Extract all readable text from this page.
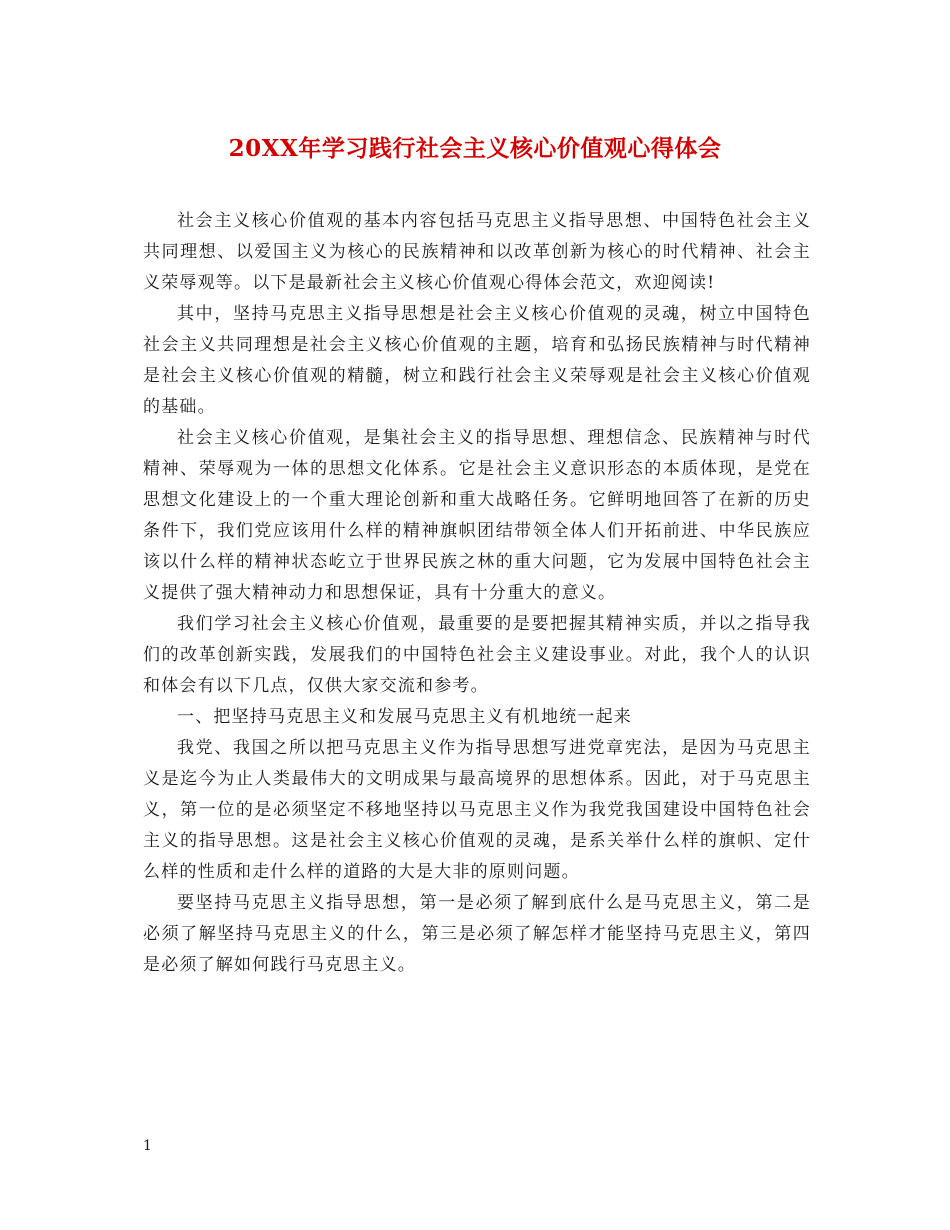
20XX年学习践行社会主义核心价值观心得体会

社会主义核心价值观的基本内容包括马克思主义指导思想、中国特色社会主义共同理想、以爱国主义为核心的民族精神和以改革创新为核心的时代精神、社会主义荣辱观等。以下是最新社会主义核心价值观心得体会范文，欢迎阅读!

其中，坚持马克思主义指导思想是社会主义核心价值观的灵魂，树立中国特色社会主义共同理想是社会主义核心价值观的主题，培育和弘扬民族精神与时代精神是社会主义核心价值观的精髓，树立和践行社会主义荣辱观是社会主义核心价值观的基础。

社会主义核心价值观，是集社会主义的指导思想、理想信念、民族精神与时代精神、荣辱观为一体的思想文化体系。它是社会主义意识形态的本质体现，是党在思想文化建设上的一个重大理论创新和重大战略任务。它鲜明地回答了在新的历史条件下，我们党应该用什么样的精神旗帜团结带领全体人们开拓前进、中华民族应该以什么样的精神状态屹立于世界民族之林的重大问题，它为发展中国特色社会主义提供了强大精神动力和思想保证，具有十分重大的意义。

我们学习社会主义核心价值观，最重要的是要把握其精神实质，并以之指导我们的改革创新实践，发展我们的中国特色社会主义建设事业。对此，我个人的认识和体会有以下几点，仅供大家交流和参考。

一、把坚持马克思主义和发展马克思主义有机地统一起来

我党、我国之所以把马克思主义作为指导思想写进党章宪法，是因为马克思主义是迄今为止人类最伟大的文明成果与最高境界的思想体系。因此，对于马克思主义，第一位的是必须坚定不移地坚持以马克思主义作为我党我国建设中国特色社会主义的指导思想。这是社会主义核心价值观的灵魂，是系关举什么样的旗帜、定什么样的性质和走什么样的道路的大是大非的原则问题。

要坚持马克思主义指导思想，第一是必须了解到底什么是马克思主义，第二是必须了解坚持马克思主义的什么，第三是必须了解怎样才能坚持马克思主义，第四是必须了解如何践行马克思主义。

1
